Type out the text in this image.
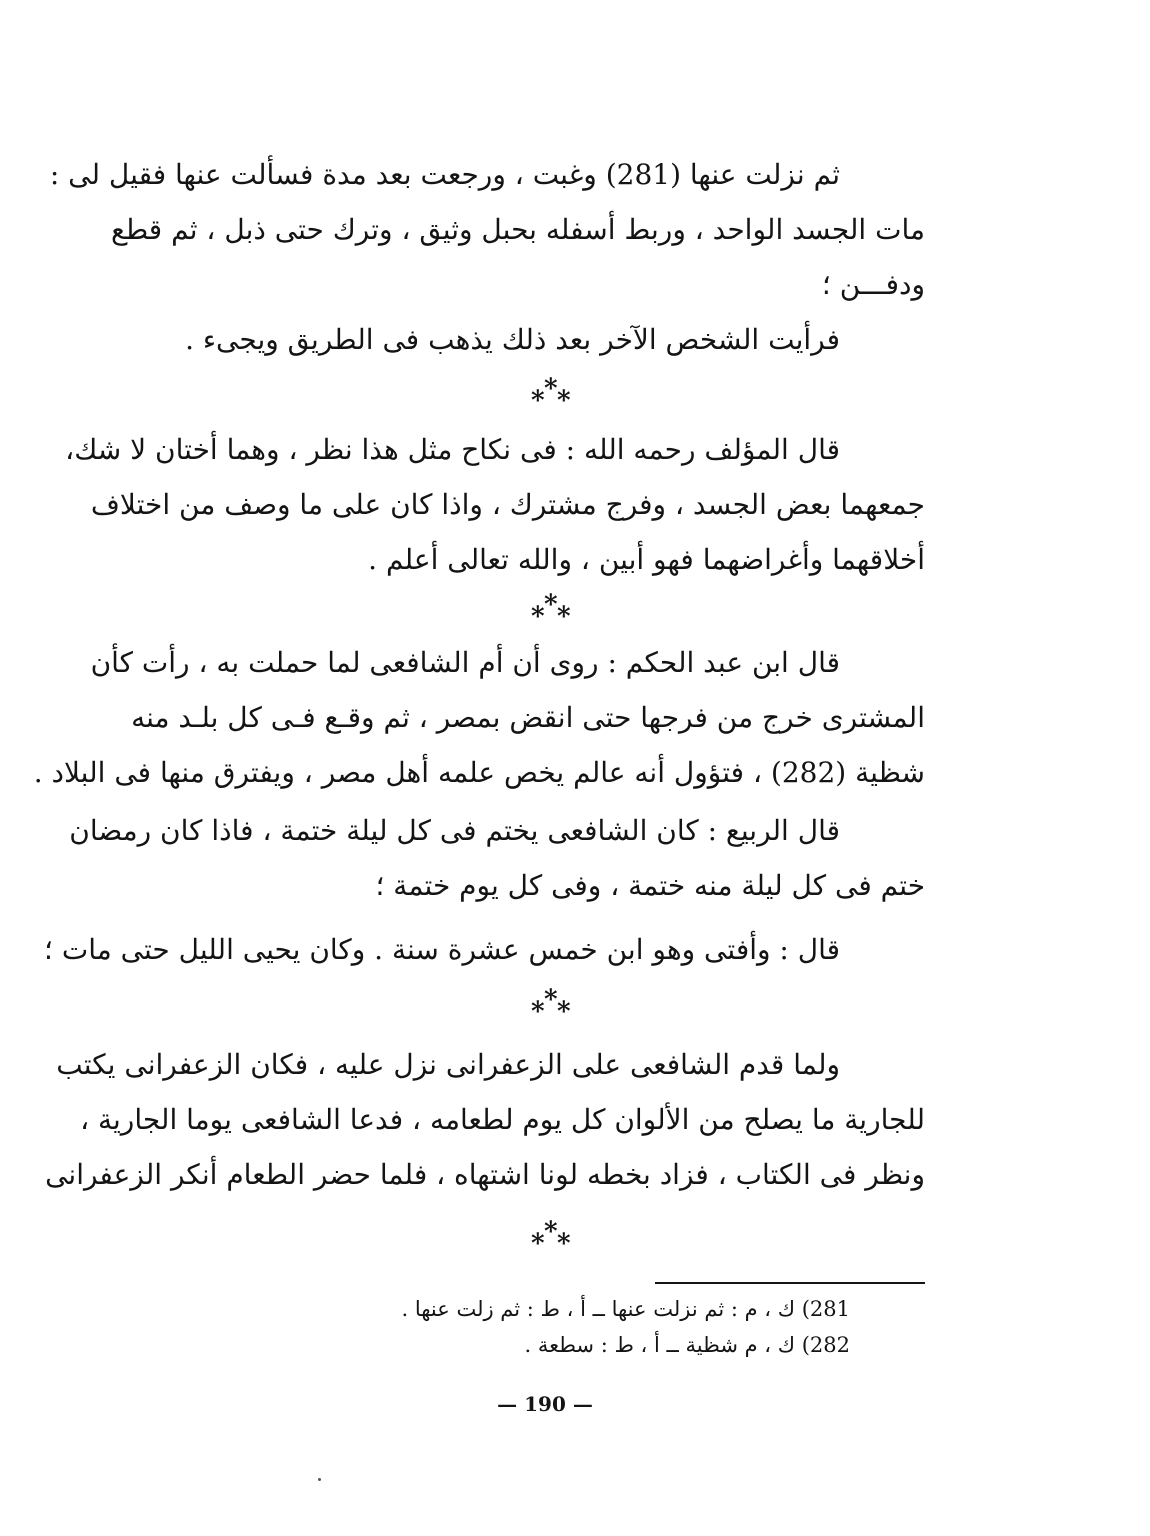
ثم نزلت عنها (281) وغبت ، ورجعت بعد مدة فسألت عنها فقيل لى :
مات الجسد الواحد ، وربط أسفله بحبل وثيق ، وترك حتى ذبل ، ثم قطع
ودفـــن ؛
فرأيت الشخص الآخر بعد ذلك يذهب فى الطريق ويجىء .
* * *
قال المؤلف رحمه الله : فى نكاح مثل هذا نظر ، وهما أختان لا شك،
جمعهما بعض الجسد ، وفرج مشترك ، واذا كان على ما وصف من اختلاف
أخلاقهما وأغراضهما فهو أبين ، والله تعالى أعلم .
* * *
قال ابن عبد الحكم : روى أن أم الشافعى لما حملت به ، رأت كأن
المشترى خرج من فرجها حتى انقض بمصر ، ثم وقـع فـى كل بلـد منه
شظية (282) ، فتؤول أنه عالم يخص علمه أهل مصر ، ويفترق منها فى البلاد .
قال الربيع : كان الشافعى يختم فى كل ليلة ختمة ، فاذا كان رمضان
ختم فى كل ليلة منه ختمة ، وفى كل يوم ختمة ؛
قال : وأفتى وهو ابن خمس عشرة سنة . وكان يحيى الليل حتى مات ؛
* * *
ولما قدم الشافعى على الزعفرانى نزل عليه ، فكان الزعفرانى يكتب
للجارية ما يصلح من الألوان كل يوم لطعامه ، فدعا الشافعى يوما الجارية ،
ونظر فى الكتاب ، فزاد بخطه لونا اشتهاه ، فلما حضر الطعام أنكر الزعفرانى
* * *
281) ك ، م : ثم نزلت عنها ــ أ ، ط : ثم زلت عنها .
282) ك ، م شظية ــ أ ، ط : سطعة .
— 190 —
